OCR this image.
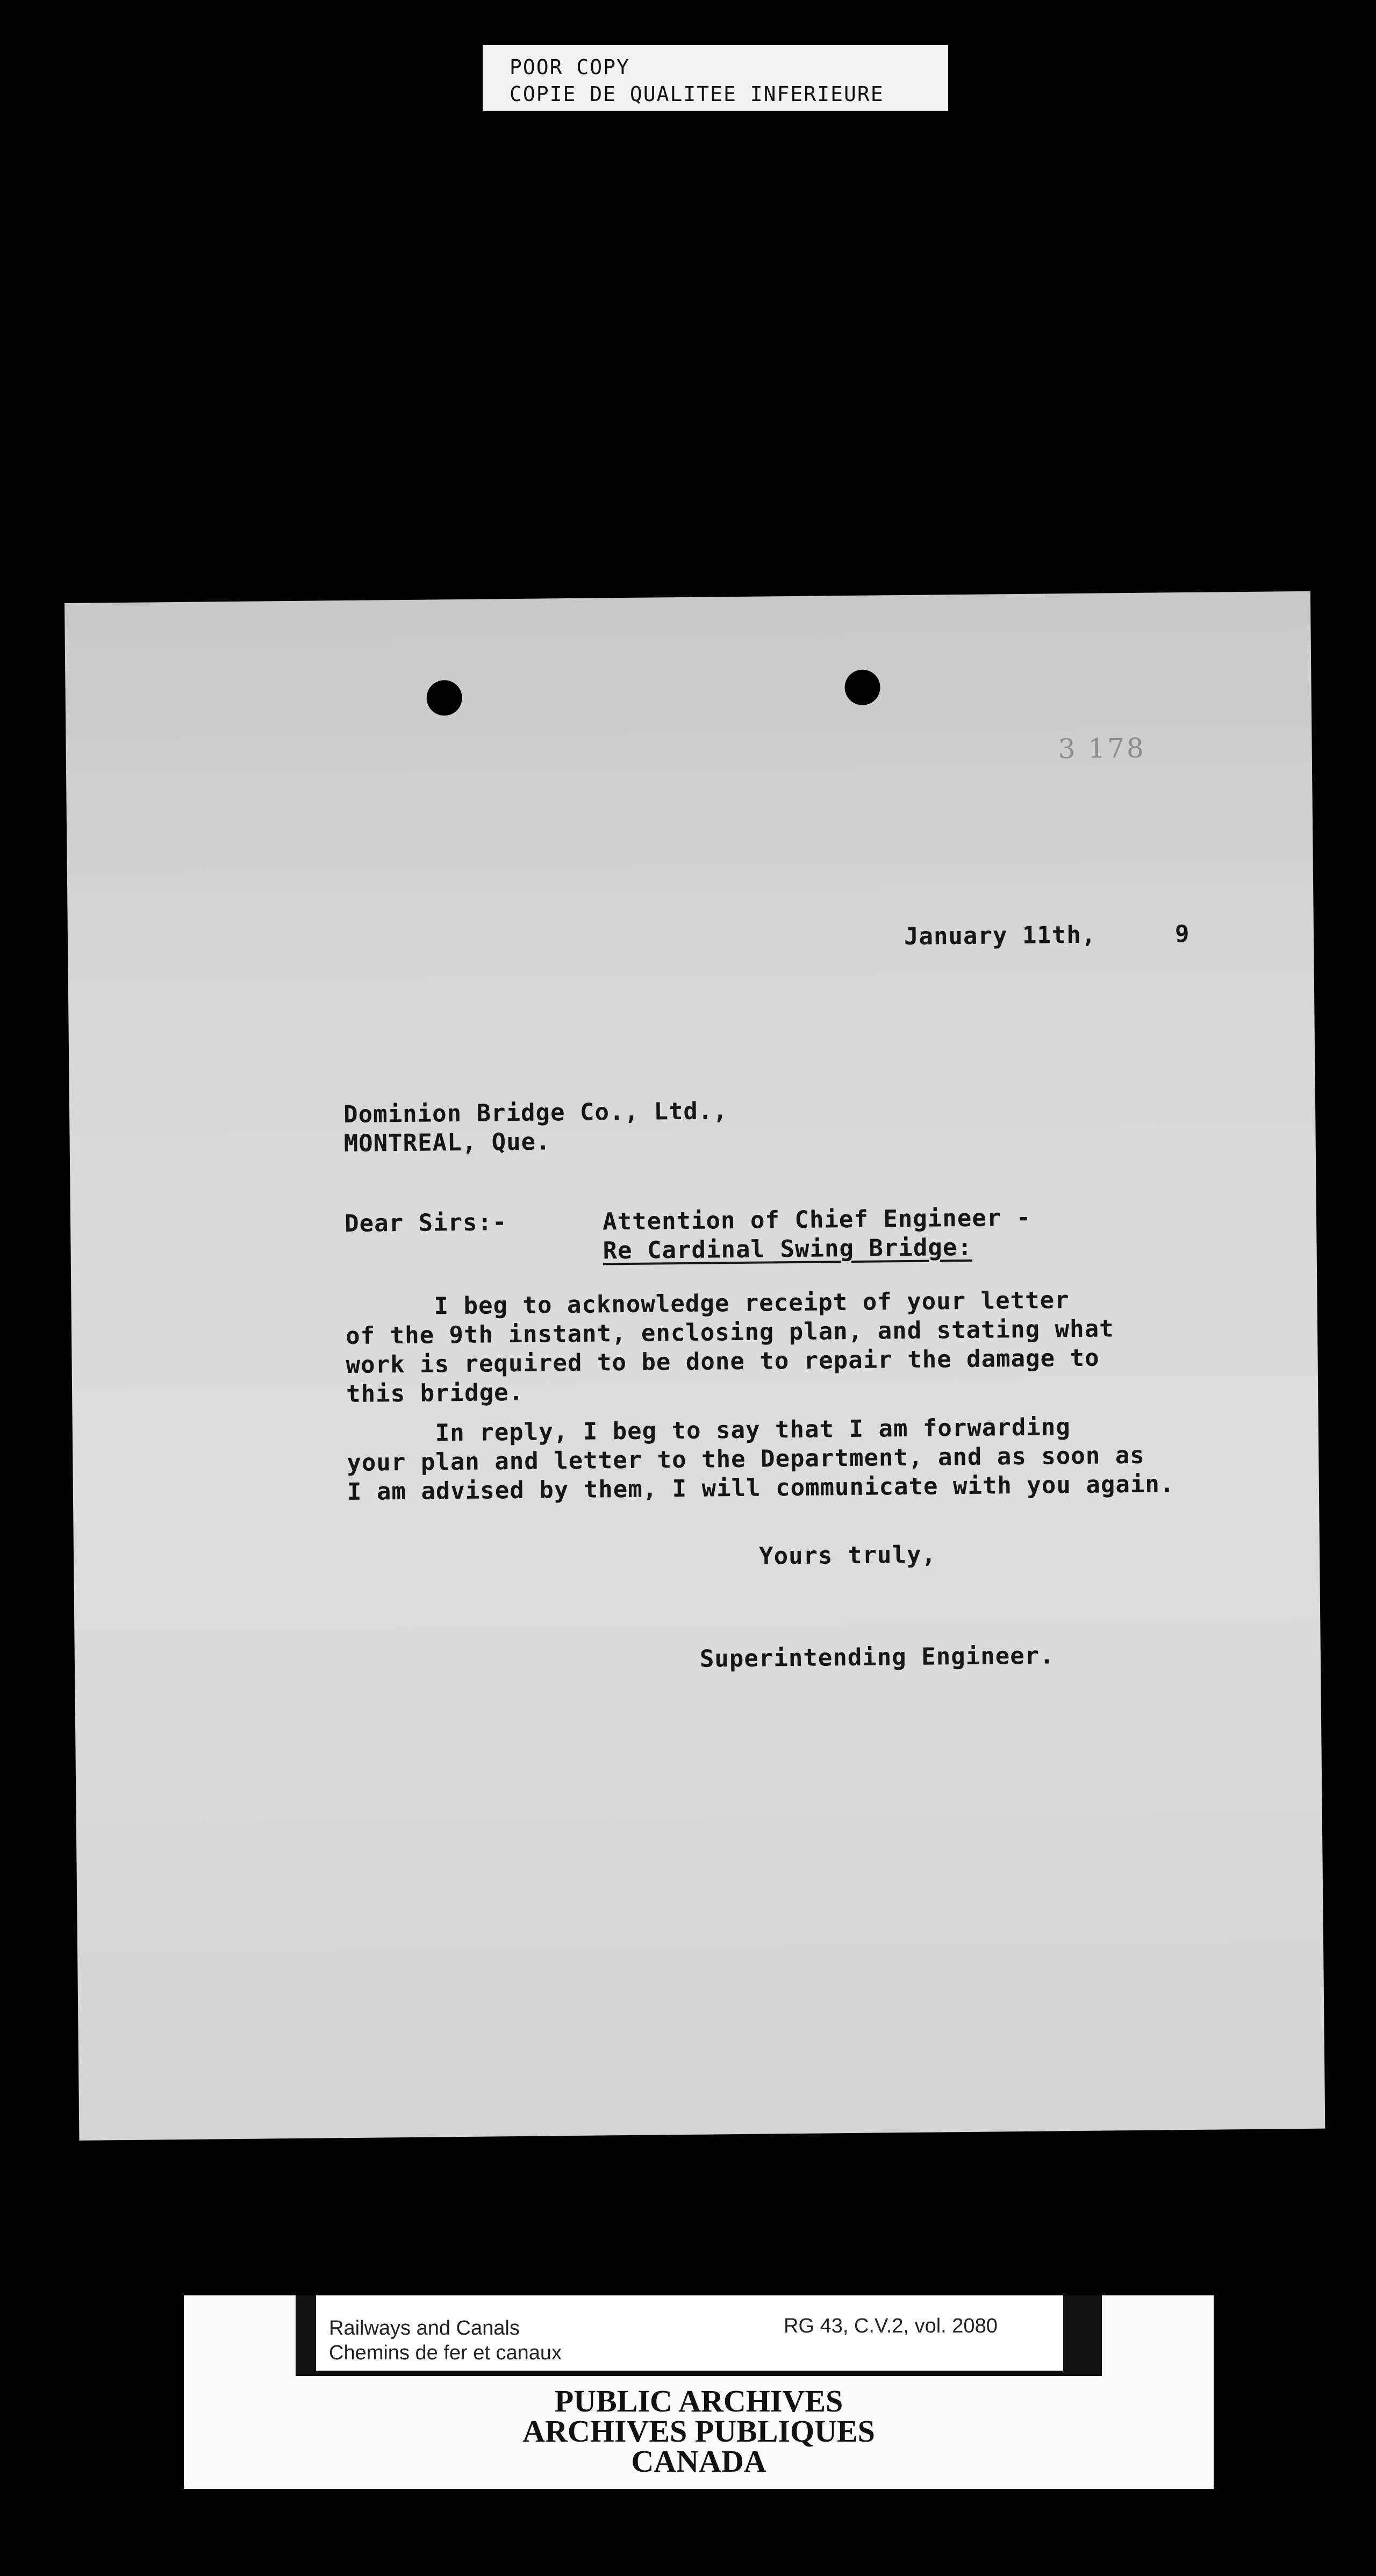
POOR COPY
COPIE DE QUALITEE INFERIEURE
3 178
January 11th,	9
Dominion Bridge Co., Ltd.,
MONTREAL, Que.
Dear Sirs:-	Attention of Chief Engineer -
Re Cardinal Swing Bridge:
I beg to acknowledge receipt of your letter
of the 9th instant, enclosing plan, and stating what
work is required to be done to repair the damage to
this bridge.
In reply, I beg to say that I am forwarding
your plan and letter to the Department, and as soon as
I am advised by them, I will communicate with you again.
Yours truly,
Superintending Engineer.
Railways and Canals
Chemins de fer et canaux
RG 43, C.V.2, vol. 2080
PUBLIC ARCHIVES
ARCHIVES PUBLIQUES
CANADA
